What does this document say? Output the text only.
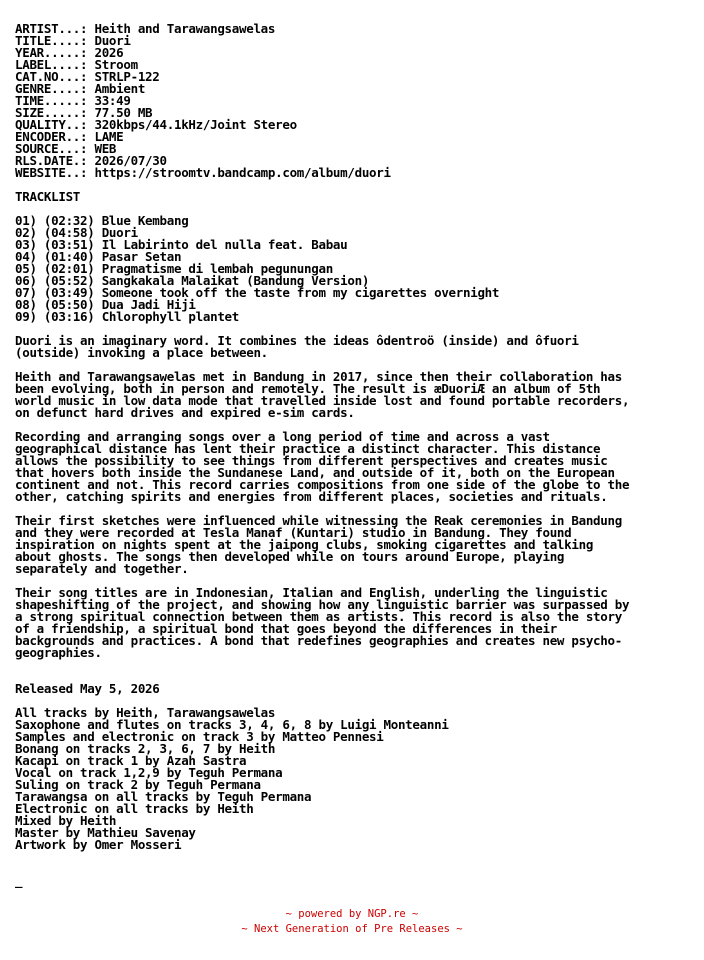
ARTIST...: Heith and Tarawangsawelas
TITLE....: Duori
YEAR.....: 2026
LABEL....: Stroom
CAT.NO...: STRLP-122
GENRE....: Ambient
TIME.....: 33:49
SIZE.....: 77.50 MB
QUALITY..: 320kbps/44.1kHz/Joint Stereo
ENCODER..: LAME
SOURCE...: WEB
RLS.DATE.: 2026/07/30
WEBSITE..: https://stroomtv.bandcamp.com/album/duori
TRACKLIST
01) (02:32) Blue Kembang
02) (04:58) Duori
03) (03:51) Il Labirinto del nulla feat. Babau
04) (01:40) Pasar Setan
05) (02:01) Pragmatisme di lembah pegunungan
06) (05:52) Sangkakala Malaikat (Bandung Version)
07) (03:49) Someone took off the taste from my cigarettes overnight
08) (05:50) Dua Jadi Hiji
09) (03:16) Chlorophyll plantet
Duori is an imaginary word. It combines the ideas ôdentroö (inside) and ôfuori
(outside) invoking a place between.
Heith and Tarawangsawelas met in Bandung in 2017, since then their collaboration has
been evolving, both in person and remotely. The result is æDuoriÆ an album of 5th
world music in low data mode that travelled inside lost and found portable recorders,
on defunct hard drives and expired e-sim cards.
Recording and arranging songs over a long period of time and across a vast
geographical distance has lent their practice a distinct character. This distance
allows the possibility to see things from different perspectives and creates music
that hovers both inside the Sundanese Land, and outside of it, both on the European
continent and not. This record carries compositions from one side of the globe to the
other, catching spirits and energies from different places, societies and rituals.
Their first sketches were influenced while witnessing the Reak ceremonies in Bandung
and they were recorded at Tesla Manaf (Kuntari) studio in Bandung. They found
inspiration on nights spent at the jaipong clubs, smoking cigarettes and talking
about ghosts. The songs then developed while on tours around Europe, playing
separately and together.
Their song titles are in Indonesian, Italian and English, underling the linguistic
shapeshifting of the project, and showing how any linguistic barrier was surpassed by
a strong spiritual connection between them as artists. This record is also the story
of a friendship, a spiritual bond that goes beyond the differences in their
backgrounds and practices. A bond that redefines geographies and creates new psycho-
geographies.
Released May 5, 2026
All tracks by Heith, Tarawangsawelas
Saxophone and flutes on tracks 3, 4, 6, 8 by Luigi Monteanni
Samples and electronic on track 3 by Matteo Pennesi
Bonang on tracks 2, 3, 6, 7 by Heith
Kacapi on track 1 by Azah Sastra
Vocal on track 1,2,9 by Teguh Permana
Suling on track 2 by Teguh Permana
Tarawangsa on all tracks by Teguh Permana
Electronic on all tracks by Heith
Mixed by Heith
Master by Mathieu Savenay
Artwork by Omer Mosseri
_
~ powered by NGP.re ~
~ Next Generation of Pre Releases ~
